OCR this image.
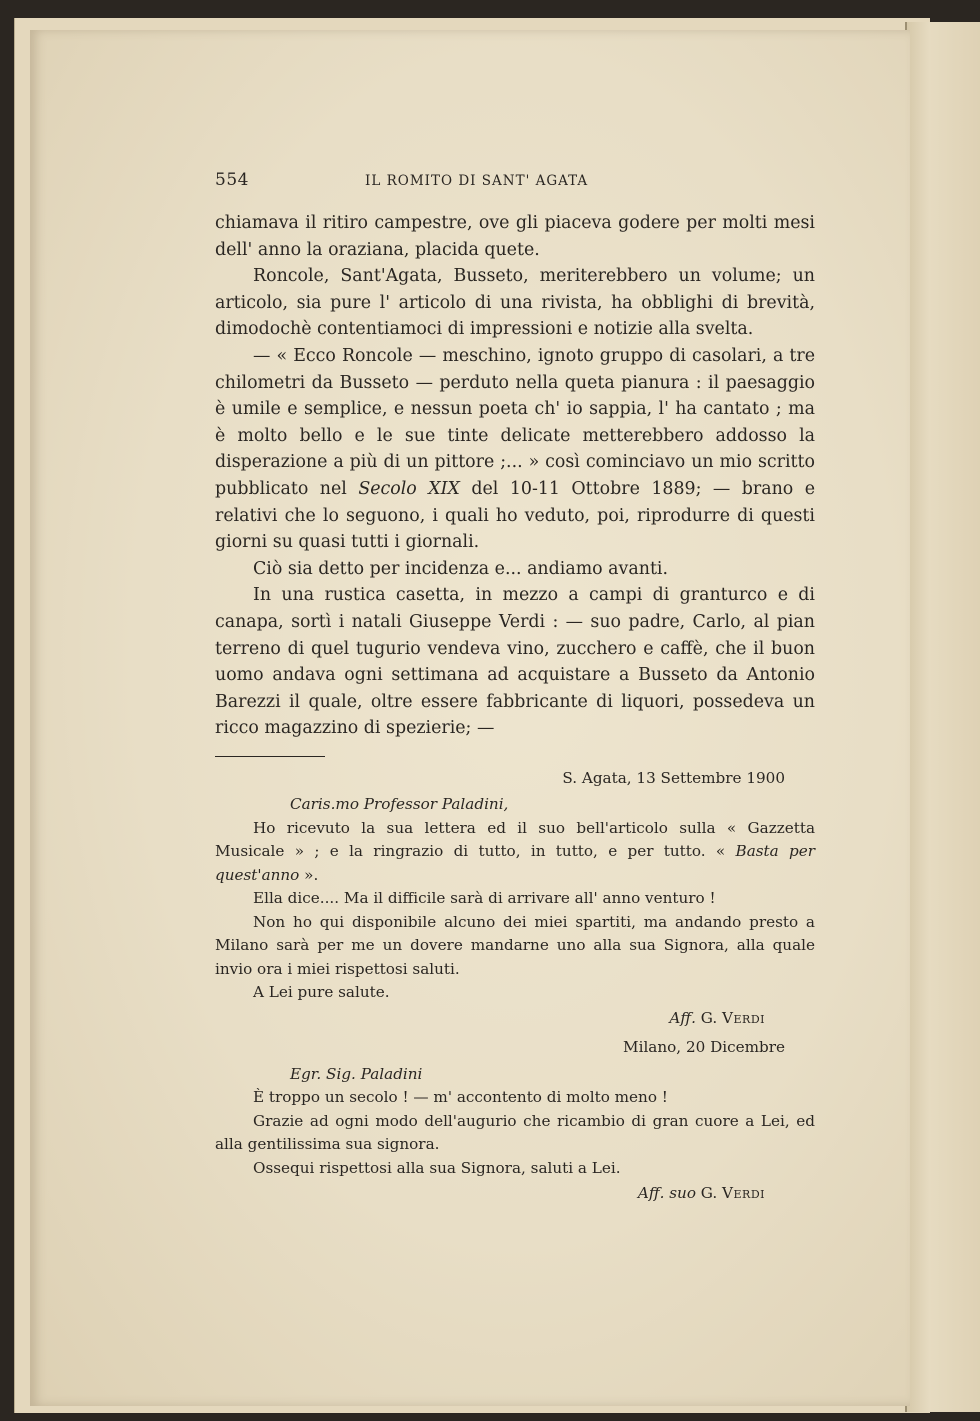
554	IL ROMITO DI SANT' AGATA

chiamava il ritiro campestre, ove gli piaceva godere per molti mesi dell' anno la oraziana, placida quete.

Roncole, Sant'Agata, Busseto, meriterebbero un volume; un articolo, sia pure l' articolo di una rivista, ha obblighi di brevità, dimodochè contentiamoci di impressioni e notizie alla svelta.

— « Ecco Roncole — meschino, ignoto gruppo di casolari, a tre chilometri da Busseto — perduto nella queta pianura : il paesaggio è umile e semplice, e nessun poeta ch' io sappia, l' ha cantato ; ma è molto bello e le sue tinte delicate metterebbero addosso la disperazione a più di un pittore ;... » così cominciavo un mio scritto pubblicato nel Secolo XIX del 10-11 Ottobre 1889; — brano e relativi che lo seguono, i quali ho veduto, poi, riprodurre di questi giorni su quasi tutti i giornali.

Ciò sia detto per incidenza e... andiamo avanti.

In una rustica casetta, in mezzo a campi di granturco e di canapa, sortì i natali Giuseppe Verdi : — suo padre, Carlo, al pian terreno di quel tugurio vendeva vino, zucchero e caffè, che il buon uomo andava ogni settimana ad acquistare a Busseto da Antonio Barezzi il quale, oltre essere fabbricante di liquori, possedeva un ricco magazzino di spezierie; —

S. Agata, 13 Settembre 1900
Caris.mo Professor Paladini,

Ho ricevuto la sua lettera ed il suo bell'articolo sulla « Gazzetta Musicale » ; e la ringrazio di tutto, in tutto, e per tutto. « Basta per quest'anno ».

Ella dice.... Ma il difficile sarà di arrivare all' anno venturo !

Non ho qui disponibile alcuno dei miei spartiti, ma andando presto a Milano sarà per me un dovere mandarne uno alla sua Signora, alla quale invio ora i miei rispettosi saluti.

A Lei pure salute.

Aff. G. Verdi
Milano, 20 Dicembre
Egr. Sig. Paladini

È troppo un secolo ! — m' accontento di molto meno !

Grazie ad ogni modo dell'augurio che ricambio di gran cuore a Lei, ed alla gentilissima sua signora.

Ossequi rispettosi alla sua Signora, saluti a Lei.

Aff. suo G. Verdi
